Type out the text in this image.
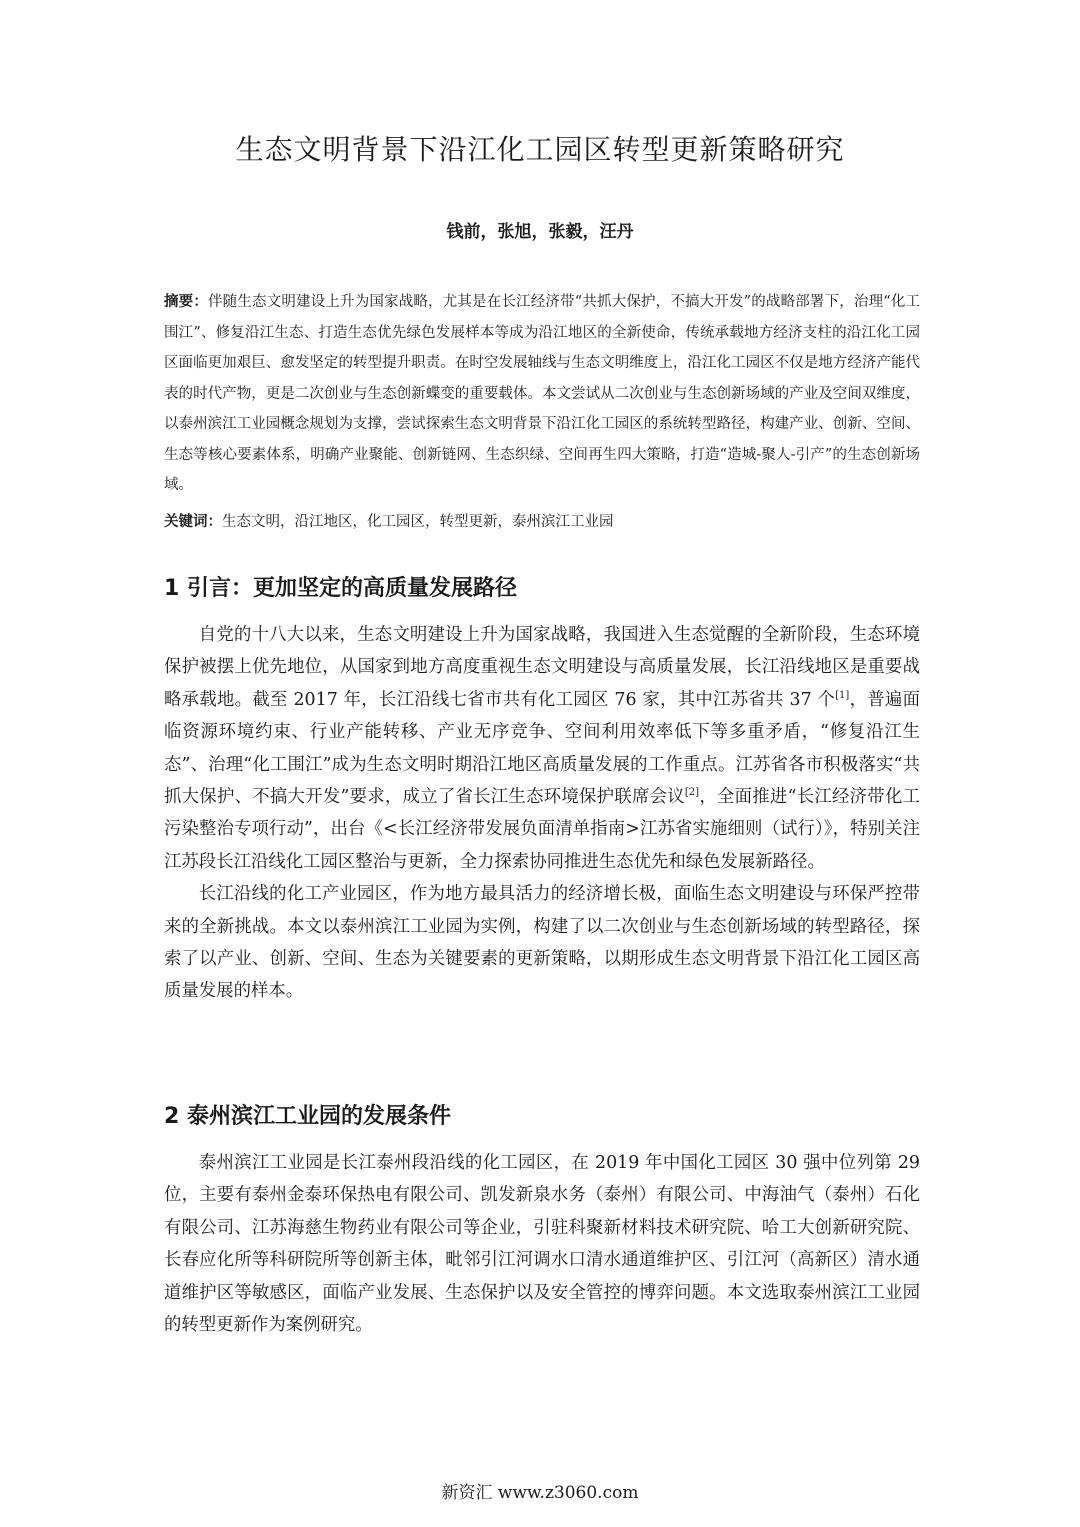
生态文明背景下沿江化工园区转型更新策略研究
钱前，张旭，张毅，汪丹
摘要：伴随生态文明建设上升为国家战略，尤其是在长江经济带“共抓大保护，不搞大开发”的战略部署下，治理“化工围江”、修复沿江生态、打造生态优先绿色发展样本等成为沿江地区的全新使命，传统承载地方经济支柱的沿江化工园区面临更加艰巨、愈发坚定的转型提升职责。在时空发展轴线与生态文明维度上，沿江化工园区不仅是地方经济产能代表的时代产物，更是二次创业与生态创新蝶变的重要载体。本文尝试从二次创业与生态创新场域的产业及空间双维度，以泰州滨江工业园概念规划为支撑，尝试探索生态文明背景下沿江化工园区的系统转型路径，构建产业、创新、空间、生态等核心要素体系，明确产业聚能、创新链网、生态织绿、空间再生四大策略，打造“造城-聚人-引产”的生态创新场域。
关键词：生态文明，沿江地区，化工园区，转型更新，泰州滨江工业园
1 引言：更加坚定的高质量发展路径

自党的十八大以来，生态文明建设上升为国家战略，我国进入生态觉醒的全新阶段，生态环境保护被摆上优先地位，从国家到地方高度重视生态文明建设与高质量发展，长江沿线地区是重要战略承载地。截至 2017 年，长江沿线七省市共有化工园区 76 家，其中江苏省共 37 个[1]，普遍面临资源环境约束、行业产能转移、产业无序竞争、空间利用效率低下等多重矛盾，“修复沿江生态”、治理“化工围江”成为生态文明时期沿江地区高质量发展的工作重点。江苏省各市积极落实“共抓大保护、不搞大开发”要求，成立了省长江生态环境保护联席会议[2]，全面推进“长江经济带化工污染整治专项行动”，出台《<长江经济带发展负面清单指南>江苏省实施细则（试行）》，特别关注江苏段长江沿线化工园区整治与更新，全力探索协同推进生态优先和绿色发展新路径。

长江沿线的化工产业园区，作为地方最具活力的经济增长极，面临生态文明建设与环保严控带来的全新挑战。本文以泰州滨江工业园为实例，构建了以二次创业与生态创新场域的转型路径，探索了以产业、创新、空间、生态为关键要素的更新策略，以期形成生态文明背景下沿江化工园区高质量发展的样本。

2 泰州滨江工业园的发展条件

泰州滨江工业园是长江泰州段沿线的化工园区，在 2019 年中国化工园区 30 强中位列第 29 位，主要有泰州金泰环保热电有限公司、凯发新泉水务（泰州）有限公司、中海油气（泰州）石化有限公司、江苏海慈生物药业有限公司等企业，引驻科聚新材料技术研究院、哈工大创新研究院、长春应化所等科研院所等创新主体，毗邻引江河调水口清水通道维护区、引江河（高新区）清水通道维护区等敏感区，面临产业发展、生态保护以及安全管控的博弈问题。本文选取泰州滨江工业园的转型更新作为案例研究。

新资汇 www.z3060.com
